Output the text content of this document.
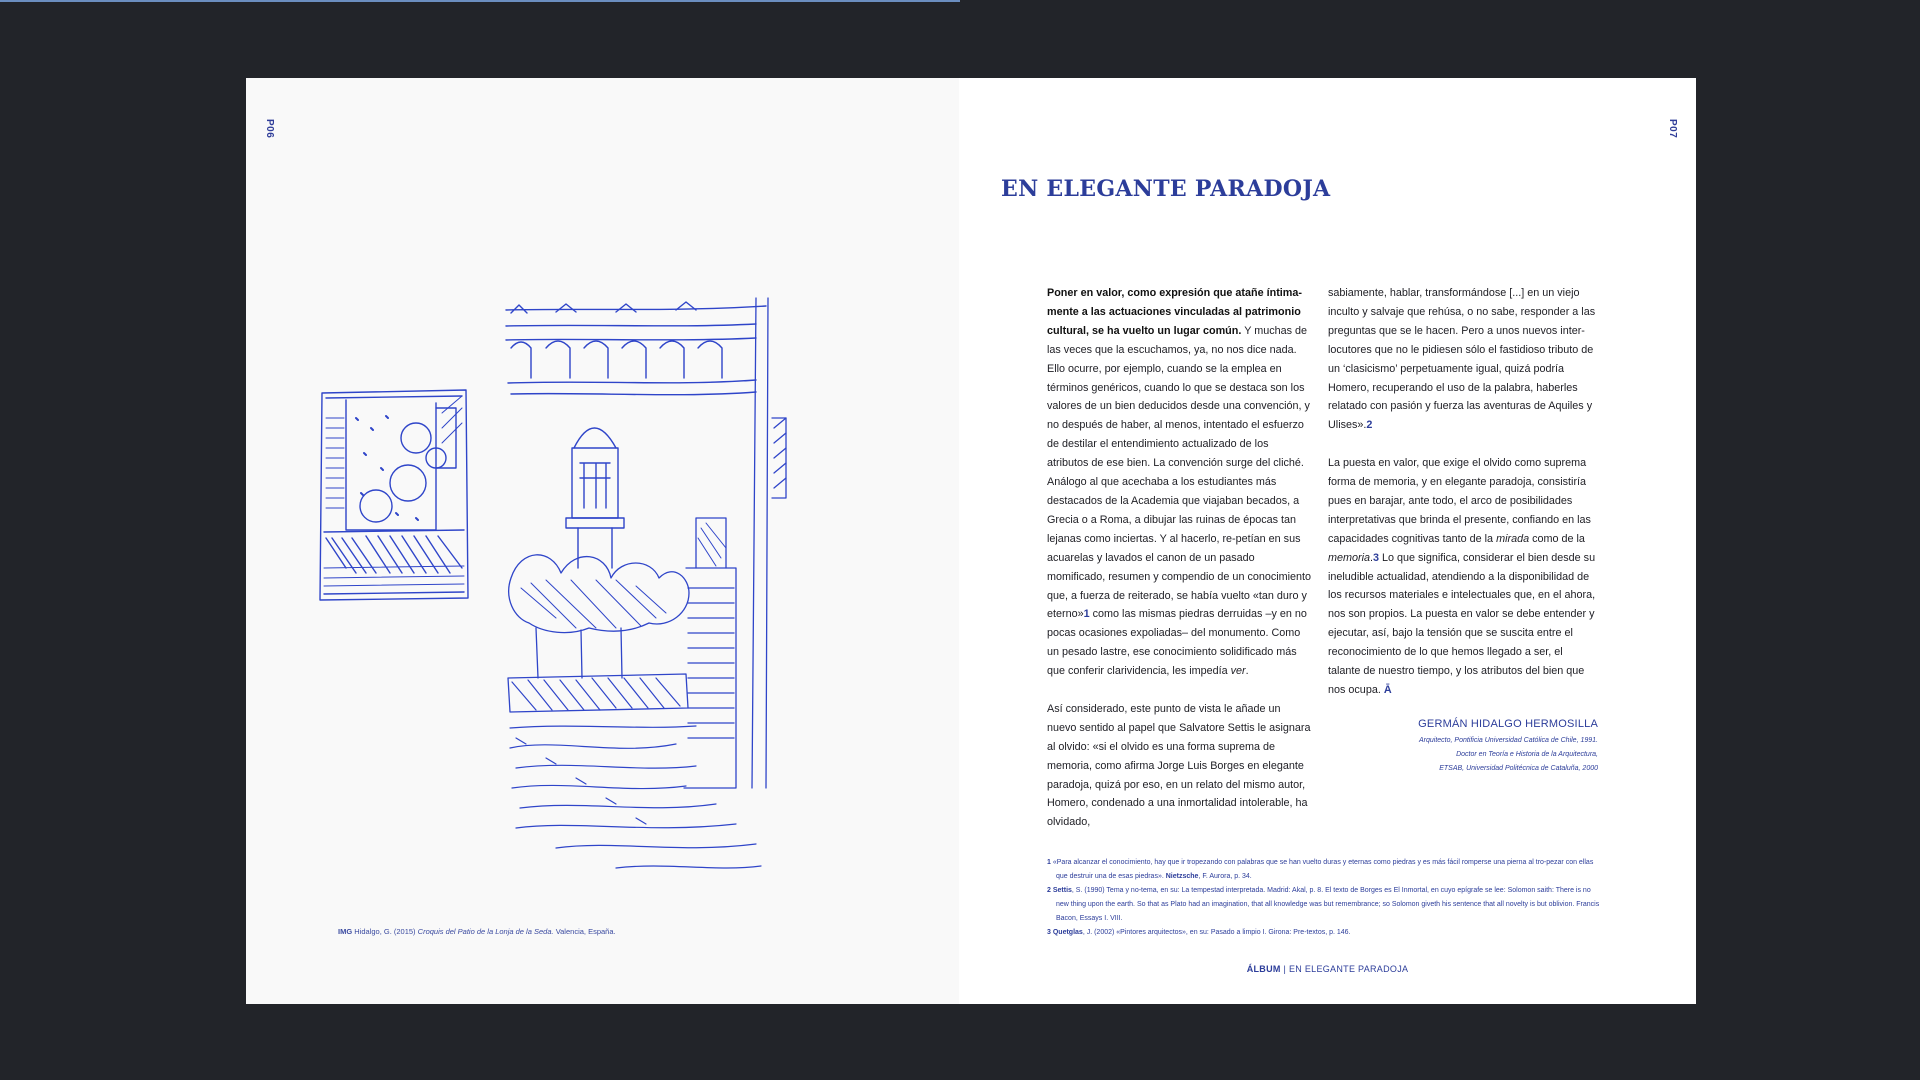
P06
IMG Hidalgo, G. (2015) Croquis del Patio de la Lonja de la Seda. Valencia, España.
P07
EN ELEGANTE PARADOJA

Poner en valor, como expresión que atañe íntima-mente a las actuaciones vinculadas al patrimonio cultural, se ha vuelto un lugar común. Y muchas de las veces que la escuchamos, ya, no nos dice nada. Ello ocurre, por ejemplo, cuando se la emplea en términos genéricos, cuando lo que se destaca son los valores de un bien deducidos desde una convención, y no después de haber, al menos, intentado el esfuerzo de destilar el entendimiento actualizado de los atributos de ese bien. La convención surge del cliché. Análogo al que acechaba a los estudiantes más destacados de la Academia que viajaban becados, a Grecia o a Roma, a dibujar las ruinas de épocas tan lejanas como inciertas. Y al hacerlo, re-petían en sus acuarelas y lavados el canon de un pasado momificado, resumen y compendio de un conocimiento que, a fuerza de reiterado, se había vuelto «tan duro y eterno»1 como las mismas piedras derruidas –y en no pocas ocasiones expoliadas– del monumento. Como un pesado lastre, ese conocimiento solidificado más que conferir clarividencia, les impedía ver.

Así considerado, este punto de vista le añade un nuevo sentido al papel que Salvatore Settis le asignara al olvido: «si el olvido es una forma suprema de memoria, como afirma Jorge Luis Borges en elegante paradoja, quizá por eso, en un relato del mismo autor, Homero, condenado a una inmortalidad intolerable, ha olvidado,

sabiamente, hablar, transformándose [...] en un viejo inculto y salvaje que rehúsa, o no sabe, responder a las preguntas que se le hacen. Pero a unos nuevos inter-locutores que no le pidiesen sólo el fastidioso tributo de un ‘clasicismo’ perpetuamente igual, quizá podría Homero, recuperando el uso de la palabra, haberles relatado con pasión y fuerza las aventuras de Aquiles y Ulises».2

La puesta en valor, que exige el olvido como suprema forma de memoria, y en elegante paradoja, consistiría pues en barajar, ante todo, el arco de posibilidades interpretativas que brinda el presente, confiando en las capacidades cognitivas tanto de la mirada como de la memoria.3 Lo que significa, considerar el bien desde su ineludible actualidad, atendiendo a la disponibilidad de los recursos materiales e intelectuales que, en el ahora, nos son propios. La puesta en valor se debe entender y ejecutar, así, bajo la tensión que se suscita entre el reconocimiento de lo que hemos llegado a ser, el talante de nuestro tiempo, y los atributos del bien que nos ocupa. Ā

GERMÁN HIDALGO HERMOSILLA
Arquitecto, Pontificia Universidad Católica de Chile, 1991.
Doctor en Teoría e Historia de la Arquitectura,
ETSAB, Universidad Politécnica de Cataluña, 2000
1 «Para alcanzar el conocimiento, hay que ir tropezando con palabras que se han vuelto duras y eternas como piedras y es más fácil romperse una pierna al tro-pezar con ellas que destruir una de esas piedras». Nietzsche, F. Aurora, p. 34.
2 Settis, S. (1990) Tema y no-tema, en su: La tempestad interpretada. Madrid: Akal, p. 8. El texto de Borges es El Inmortal, en cuyo epígrafe se lee: Solomon saith: There is no new thing upon the earth. So that as Plato had an imagination, that all knowledge was but remembrance; so Solomon giveth his sentence that all novelty is but oblivion. Francis Bacon, Essays I. VIII.
3 Quetglas, J. (2002) «Pintores arquitectos», en su: Pasado a limpio I. Girona: Pre-textos, p. 146.
ÁLBUM | EN ELEGANTE PARADOJA
